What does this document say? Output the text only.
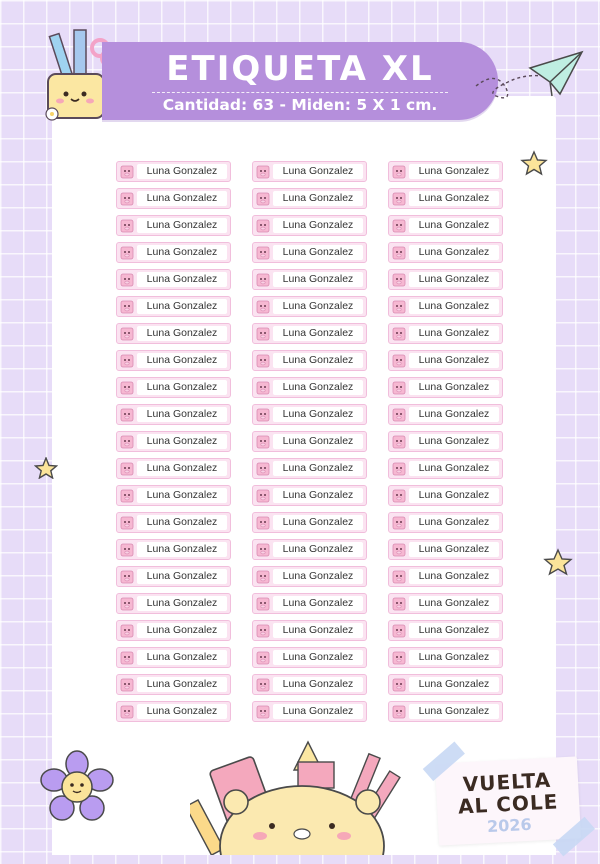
ETIQUETA XL
Cantidad: 63 - Miden: 5 X 1 cm.
Luna Gonzalez	Luna Gonzalez	Luna Gonzalez
Luna Gonzalez	Luna Gonzalez	Luna Gonzalez
Luna Gonzalez	Luna Gonzalez	Luna Gonzalez
Luna Gonzalez	Luna Gonzalez	Luna Gonzalez
Luna Gonzalez	Luna Gonzalez	Luna Gonzalez
Luna Gonzalez	Luna Gonzalez	Luna Gonzalez
Luna Gonzalez	Luna Gonzalez	Luna Gonzalez
Luna Gonzalez	Luna Gonzalez	Luna Gonzalez
Luna Gonzalez	Luna Gonzalez	Luna Gonzalez
Luna Gonzalez	Luna Gonzalez	Luna Gonzalez
Luna Gonzalez	Luna Gonzalez	Luna Gonzalez
Luna Gonzalez	Luna Gonzalez	Luna Gonzalez
Luna Gonzalez	Luna Gonzalez	Luna Gonzalez
Luna Gonzalez	Luna Gonzalez	Luna Gonzalez
Luna Gonzalez	Luna Gonzalez	Luna Gonzalez
Luna Gonzalez	Luna Gonzalez	Luna Gonzalez
Luna Gonzalez	Luna Gonzalez	Luna Gonzalez
Luna Gonzalez	Luna Gonzalez	Luna Gonzalez
Luna Gonzalez	Luna Gonzalez	Luna Gonzalez
Luna Gonzalez	Luna Gonzalez	Luna Gonzalez
Luna Gonzalez	Luna Gonzalez	Luna Gonzalez
VUELTA
AL COLE
2026
